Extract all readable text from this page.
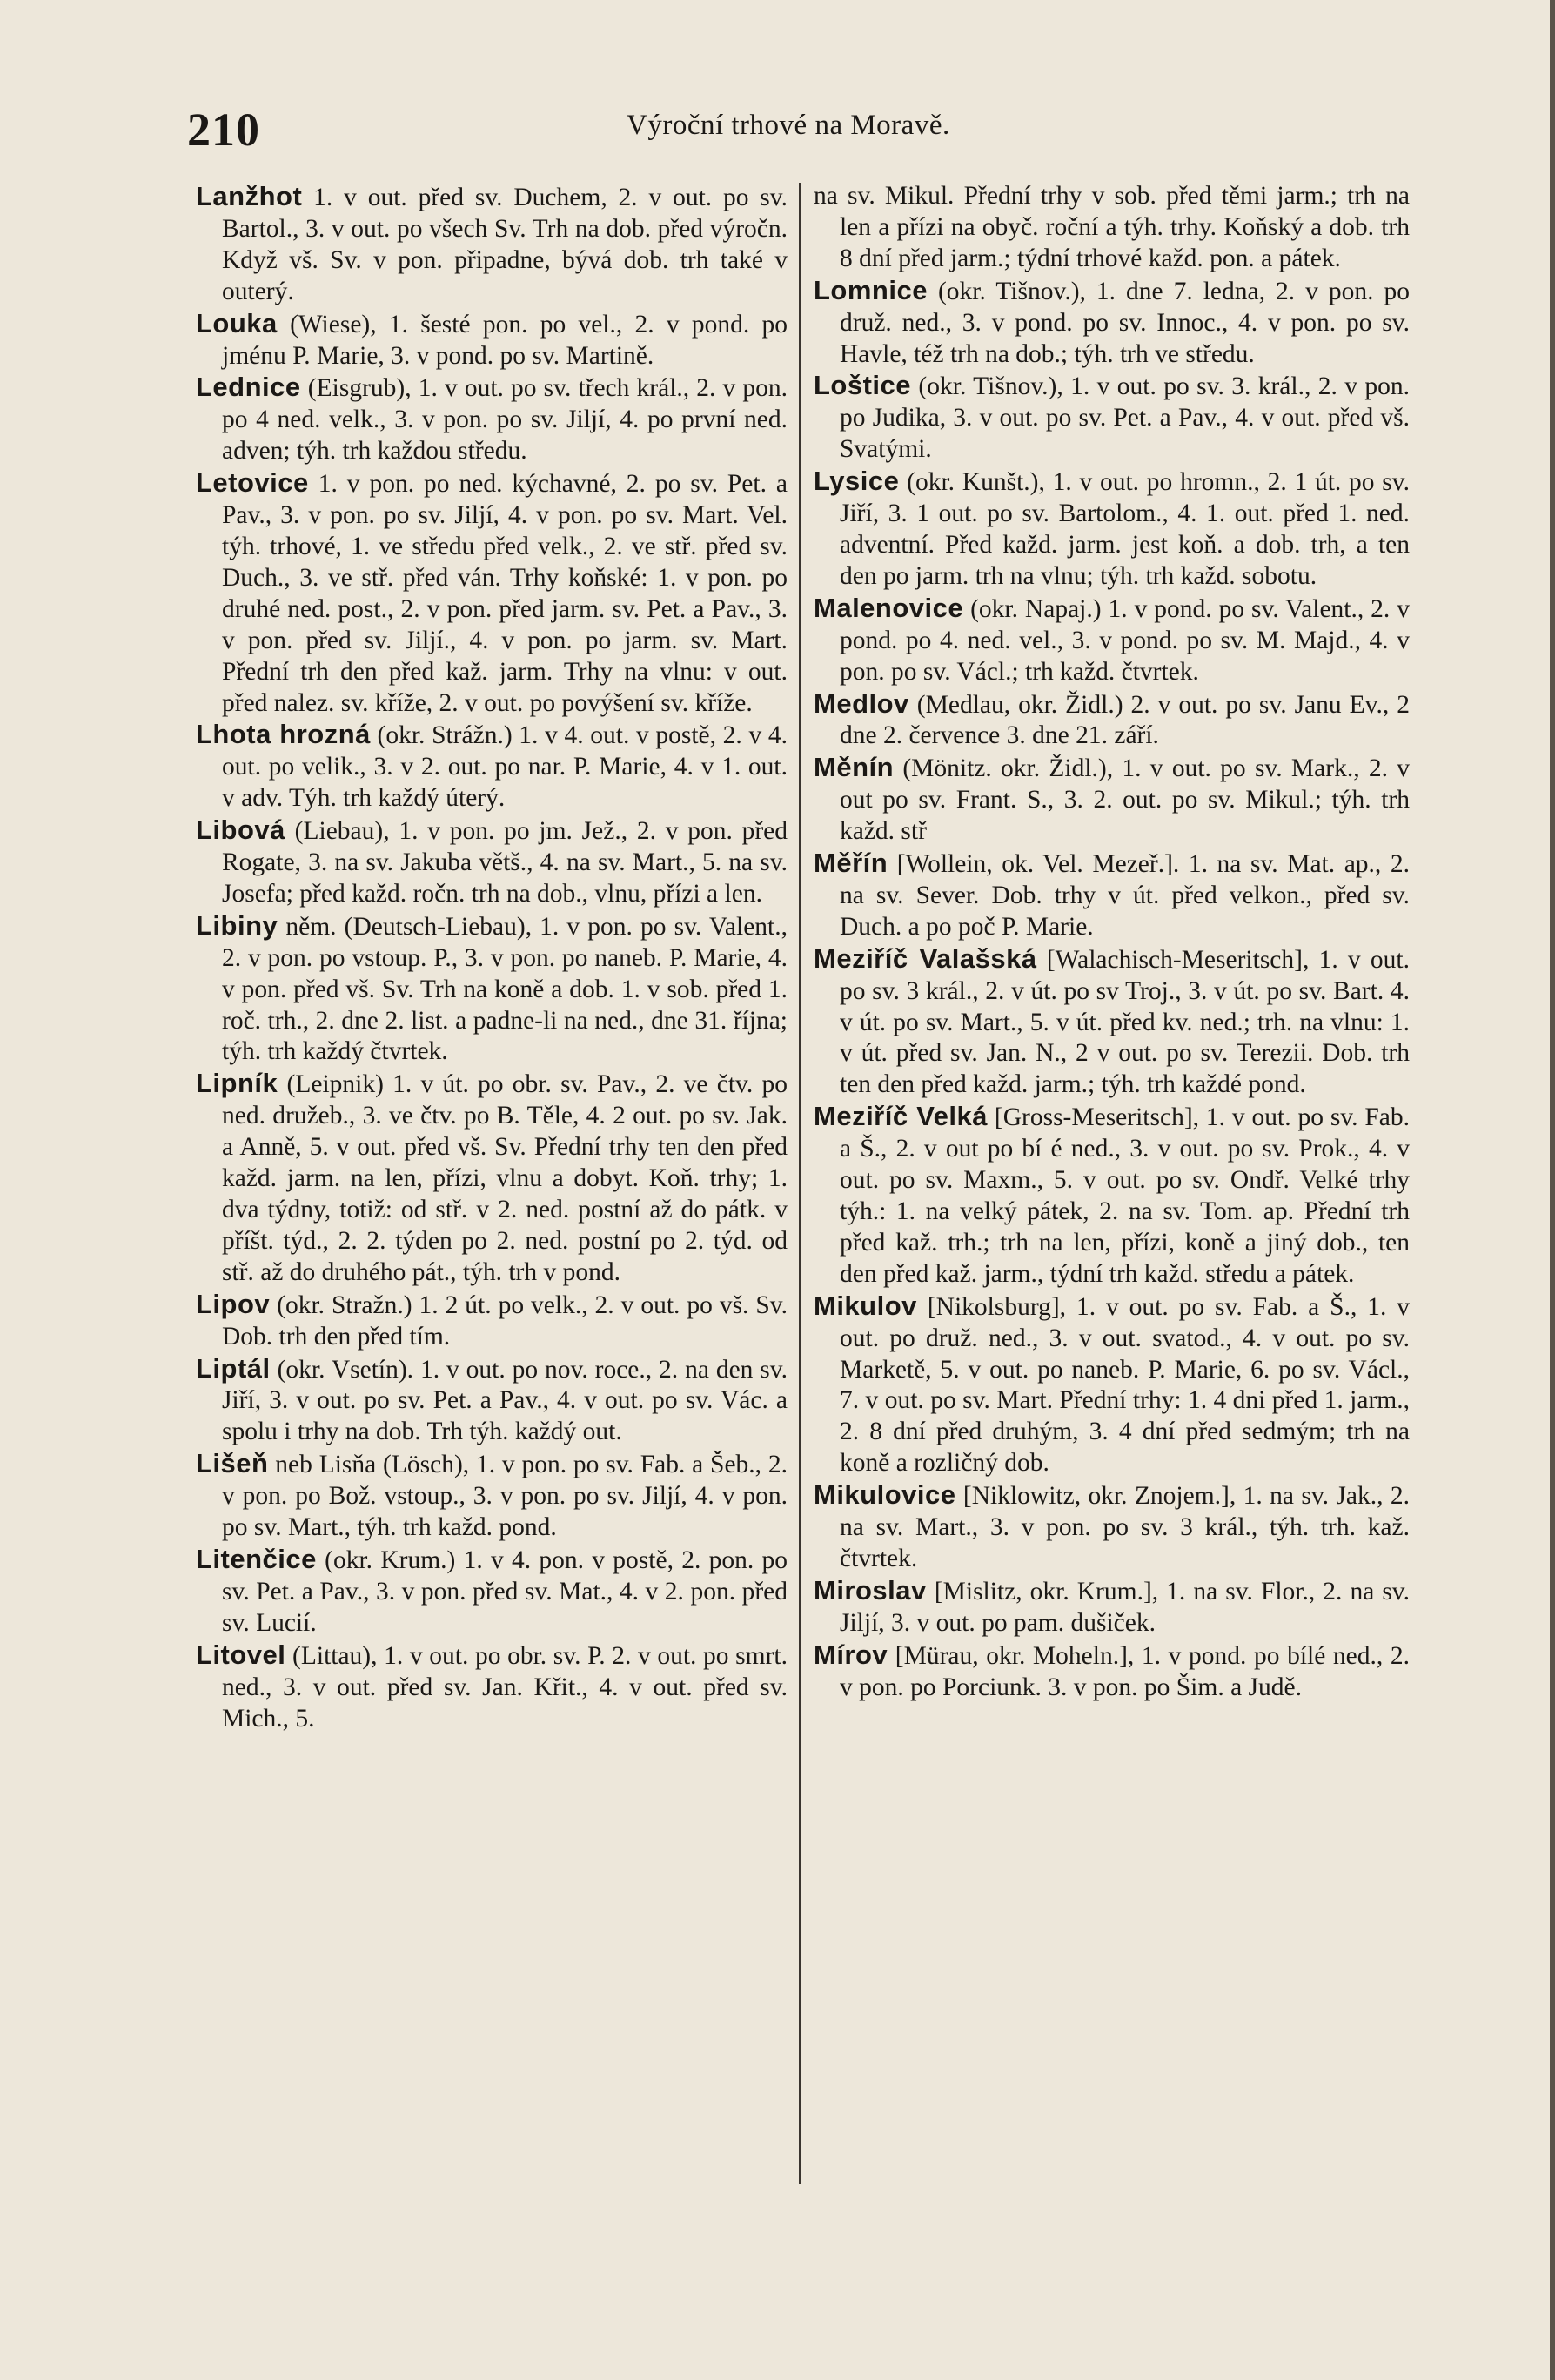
210	Výroční trhové na Moravě.

Lanžhot 1. v out. před sv. Duchem, 2. v out. po sv. Bartol., 3. v out. po všech Sv. Trh na dob. před výročn. Když vš. Sv. v pon. připadne, bývá dob. trh také v outerý.

Louka (Wiese), 1. šesté pon. po vel., 2. v pond. po jménu P. Marie, 3. v pond. po sv. Martině.

Lednice (Eisgrub), 1. v out. po sv. třech král., 2. v pon. po 4 ned. velk., 3. v pon. po sv. Jiljí, 4. po první ned. adven; týh. trh každou středu.

Letovice 1. v pon. po ned. kýchavné, 2. po sv. Pet. a Pav., 3. v pon. po sv. Jiljí, 4. v pon. po sv. Mart. Vel. týh. trhové, 1. ve středu před velk., 2. ve stř. před sv. Duch., 3. ve stř. před ván. Trhy koňské: 1. v pon. po druhé ned. post., 2. v pon. před jarm. sv. Pet. a Pav., 3. v pon. před sv. Jiljí., 4. v pon. po jarm. sv. Mart. Přední trh den před kaž. jarm. Trhy na vlnu: v out. před nalez. sv. kříže, 2. v out. po povýšení sv. kříže.

Lhota hrozná (okr. Strážn.) 1. v 4. out. v postě, 2. v 4. out. po velik., 3. v 2. out. po nar. P. Marie, 4. v 1. out. v adv. Týh. trh každý úterý.

Libová (Liebau), 1. v pon. po jm. Jež., 2. v pon. před Rogate, 3. na sv. Jakuba větš., 4. na sv. Mart., 5. na sv. Josefa; před každ. ročn. trh na dob., vlnu, přízi a len.

Libiny něm. (Deutsch-Liebau), 1. v pon. po sv. Valent., 2. v pon. po vstoup. P., 3. v pon. po naneb. P. Marie, 4. v pon. před vš. Sv. Trh na koně a dob. 1. v sob. před 1. roč. trh., 2. dne 2. list. a padne-li na ned., dne 31. října; týh. trh každý čtvrtek.

Lipník (Leipnik) 1. v út. po obr. sv. Pav., 2. ve čtv. po ned. družeb., 3. ve čtv. po B. Těle, 4. 2 out. po sv. Jak. a Anně, 5. v out. před vš. Sv. Přední trhy ten den před každ. jarm. na len, přízi, vlnu a dobyt. Koň. trhy; 1. dva týdny, totiž: od stř. v 2. ned. postní až do pátk. v příšt. týd., 2. 2. týden po 2. ned. postní po 2. týd. od stř. až do druhého pát., týh. trh v pond.

Lipov (okr. Stražn.) 1. 2 út. po velk., 2. v out. po vš. Sv. Dob. trh den před tím.

Liptál (okr. Vsetín). 1. v out. po nov. roce., 2. na den sv. Jiří, 3. v out. po sv. Pet. a Pav., 4. v out. po sv. Vác. a spolu i trhy na dob. Trh týh. každý out.

Lišeň neb Lisňa (Lösch), 1. v pon. po sv. Fab. a Šeb., 2. v pon. po Bož. vstoup., 3. v pon. po sv. Jiljí, 4. v pon. po sv. Mart., týh. trh každ. pond.

Litenčice (okr. Krum.) 1. v 4. pon. v postě, 2. pon. po sv. Pet. a Pav., 3. v pon. před sv. Mat., 4. v 2. pon. před sv. Lucií.

Litovel (Littau), 1. v out. po obr. sv. P. 2. v out. po smrt. ned., 3. v out. před sv. Jan. Křit., 4. v out. před sv. Mich., 5.

na sv. Mikul. Přední trhy v sob. před těmi jarm.; trh na len a přízi na obyč. roční a týh. trhy. Koňský a dob. trh 8 dní před jarm.; týdní trhové každ. pon. a pátek.

Lomnice (okr. Tišnov.), 1. dne 7. ledna, 2. v pon. po druž. ned., 3. v pond. po sv. Innoc., 4. v pon. po sv. Havle, též trh na dob.; týh. trh ve středu.

Loštice (okr. Tišnov.), 1. v out. po sv. 3. král., 2. v pon. po Judika, 3. v out. po sv. Pet. a Pav., 4. v out. před vš. Svatými.

Lysice (okr. Kunšt.), 1. v out. po hromn., 2. 1 út. po sv. Jiří, 3. 1 out. po sv. Bartolom., 4. 1. out. před 1. ned. adventní. Před každ. jarm. jest koň. a dob. trh, a ten den po jarm. trh na vlnu; týh. trh každ. sobotu.

Malenovice (okr. Napaj.) 1. v pond. po sv. Valent., 2. v pond. po 4. ned. vel., 3. v pond. po sv. M. Majd., 4. v pon. po sv. Václ.; trh každ. čtvrtek.

Medlov (Medlau, okr. Židl.) 2. v out. po sv. Janu Ev., 2 dne 2. července 3. dne 21. září.

Měnín (Mönitz. okr. Židl.), 1. v out. po sv. Mark., 2. v out po sv. Frant. S., 3. 2. out. po sv. Mikul.; týh. trh každ. stř

Měřín [Wollein, ok. Vel. Mezeř.]. 1. na sv. Mat. ap., 2. na sv. Sever. Dob. trhy v út. před velkon., před sv. Duch. a po poč P. Marie.

Meziříč Valašská [Walachisch-Meseritsch], 1. v out. po sv. 3 král., 2. v út. po sv Troj., 3. v út. po sv. Bart. 4. v út. po sv. Mart., 5. v út. před kv. ned.; trh. na vlnu: 1. v út. před sv. Jan. N., 2 v out. po sv. Terezii. Dob. trh ten den před každ. jarm.; týh. trh každé pond.

Meziříč Velká [Gross-Meseritsch], 1. v out. po sv. Fab. a Š., 2. v out po bí é ned., 3. v out. po sv. Prok., 4. v out. po sv. Maxm., 5. v out. po sv. Ondř. Velké trhy týh.: 1. na velký pátek, 2. na sv. Tom. ap. Přední trh před kaž. trh.; trh na len, přízi, koně a jiný dob., ten den před kaž. jarm., týdní trh každ. středu a pátek.

Mikulov [Nikolsburg], 1. v out. po sv. Fab. a Š., 1. v out. po druž. ned., 3. v out. svatod., 4. v out. po sv. Marketě, 5. v out. po naneb. P. Marie, 6. po sv. Václ., 7. v out. po sv. Mart. Přední trhy: 1. 4 dni před 1. jarm., 2. 8 dní před druhým, 3. 4 dní před sedmým; trh na koně a rozličný dob.

Mikulovice [Niklowitz, okr. Znojem.], 1. na sv. Jak., 2. na sv. Mart., 3. v pon. po sv. 3 král., týh. trh. kaž. čtvrtek.

Miroslav [Mislitz, okr. Krum.], 1. na sv. Flor., 2. na sv. Jiljí, 3. v out. po pam. dušiček.

Mírov [Mürau, okr. Moheln.], 1. v pond. po bílé ned., 2. v pon. po Porciunk. 3. v pon. po Šim. a Judě.
